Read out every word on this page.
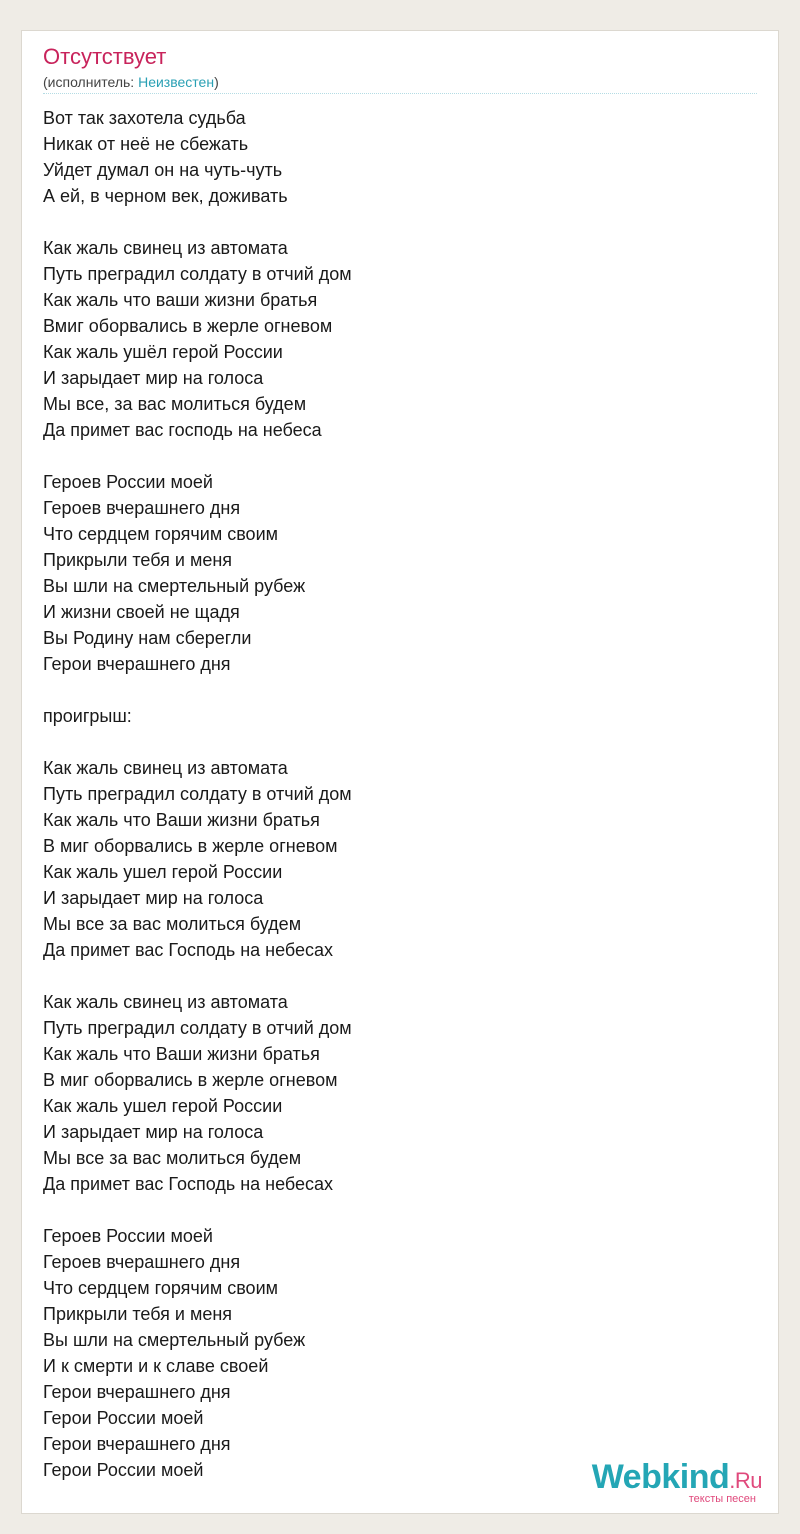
Отсутствует
(исполнитель: Неизвестен)
Вот так захотела судьба
Никак от неё не сбежать
Уйдет думал он на чуть-чуть
А ей, в черном век, доживать
Как жаль свинец из автомата
Путь преградил солдату в отчий дом
Как жаль что ваши жизни братья
Вмиг оборвались в жерле огневом
Как жаль ушёл герой России
И зарыдает мир на голоса
Мы все, за вас молиться будем
Да примет вас господь на небеса
Героев России моей
Героев вчерашнего дня
Что сердцем горячим своим
Прикрыли тебя и меня
Вы шли на смертельный рубеж
И жизни своей не щадя
Вы Родину нам сберегли
Герои вчерашнего дня
проигрыш:
Как жаль свинец из автомата
Путь преградил солдату в отчий дом
Как жаль что Ваши жизни братья
В миг оборвались в жерле огневом
Как жаль ушел герой России
И зарыдает мир на голоса
Мы все за вас молиться будем
Да примет вас Господь на небесах
Как жаль свинец из автомата
Путь преградил солдату в отчий дом
Как жаль что Ваши жизни братья
В миг оборвались в жерле огневом
Как жаль ушел герой России
И зарыдает мир на голоса
Мы все за вас молиться будем
Да примет вас Господь на небесах
Героев России моей
Героев вчерашнего дня
Что сердцем горячим своим
Прикрыли тебя и меня
Вы шли на смертельный рубеж
И к смерти и к славе своей
Герои вчерашнего дня
Герои России моей
Герои вчерашнего дня
Герои России моей	Webkind.Ru
тексты песен
